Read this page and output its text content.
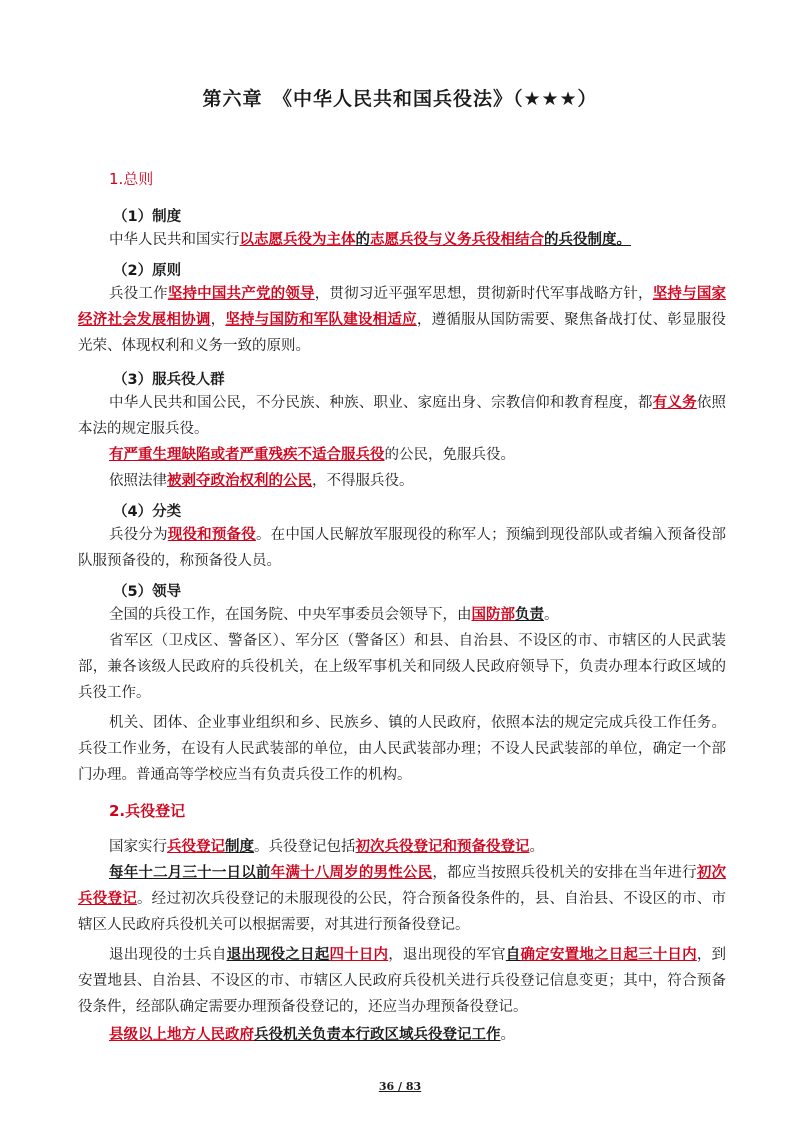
第六章　《中华人民共和国兵役法》（★★★）
1.总则
（1）制度

中华人民共和国实行以志愿兵役为主体的志愿兵役与义务兵役相结合的兵役制度。

（2）原则

兵役工作坚持中国共产党的领导，贯彻习近平强军思想，贯彻新时代军事战略方针，坚持与国家经济社会发展相协调，坚持与国防和军队建设相适应，遵循服从国防需要、聚焦备战打仗、彰显服役光荣、体现权利和义务一致的原则。

（3）服兵役人群

中华人民共和国公民，不分民族、种族、职业、家庭出身、宗教信仰和教育程度，都有义务依照本法的规定服兵役。

有严重生理缺陷或者严重残疾不适合服兵役的公民，免服兵役。

依照法律被剥夺政治权利的公民，不得服兵役。

（4）分类

兵役分为现役和预备役。在中国人民解放军服现役的称军人；预编到现役部队或者编入预备役部队服预备役的，称预备役人员。

（5）领导

全国的兵役工作，在国务院、中央军事委员会领导下，由国防部负责。

省军区（卫戍区、警备区）、军分区（警备区）和县、自治县、不设区的市、市辖区的人民武装部，兼各该级人民政府的兵役机关，在上级军事机关和同级人民政府领导下，负责办理本行政区域的兵役工作。

机关、团体、企业事业组织和乡、民族乡、镇的人民政府，依照本法的规定完成兵役工作任务。兵役工作业务，在设有人民武装部的单位，由人民武装部办理；不设人民武装部的单位，确定一个部门办理。普通高等学校应当有负责兵役工作的机构。

2.兵役登记

国家实行兵役登记制度。兵役登记包括初次兵役登记和预备役登记。

每年十二月三十一日以前年满十八周岁的男性公民，都应当按照兵役机关的安排在当年进行初次兵役登记。经过初次兵役登记的未服现役的公民，符合预备役条件的，县、自治县、不设区的市、市辖区人民政府兵役机关可以根据需要，对其进行预备役登记。

退出现役的士兵自退出现役之日起四十日内，退出现役的军官自确定安置地之日起三十日内，到安置地县、自治县、不设区的市、市辖区人民政府兵役机关进行兵役登记信息变更；其中，符合预备役条件，经部队确定需要办理预备役登记的，还应当办理预备役登记。

县级以上地方人民政府兵役机关负责本行政区域兵役登记工作。

36 / 83
